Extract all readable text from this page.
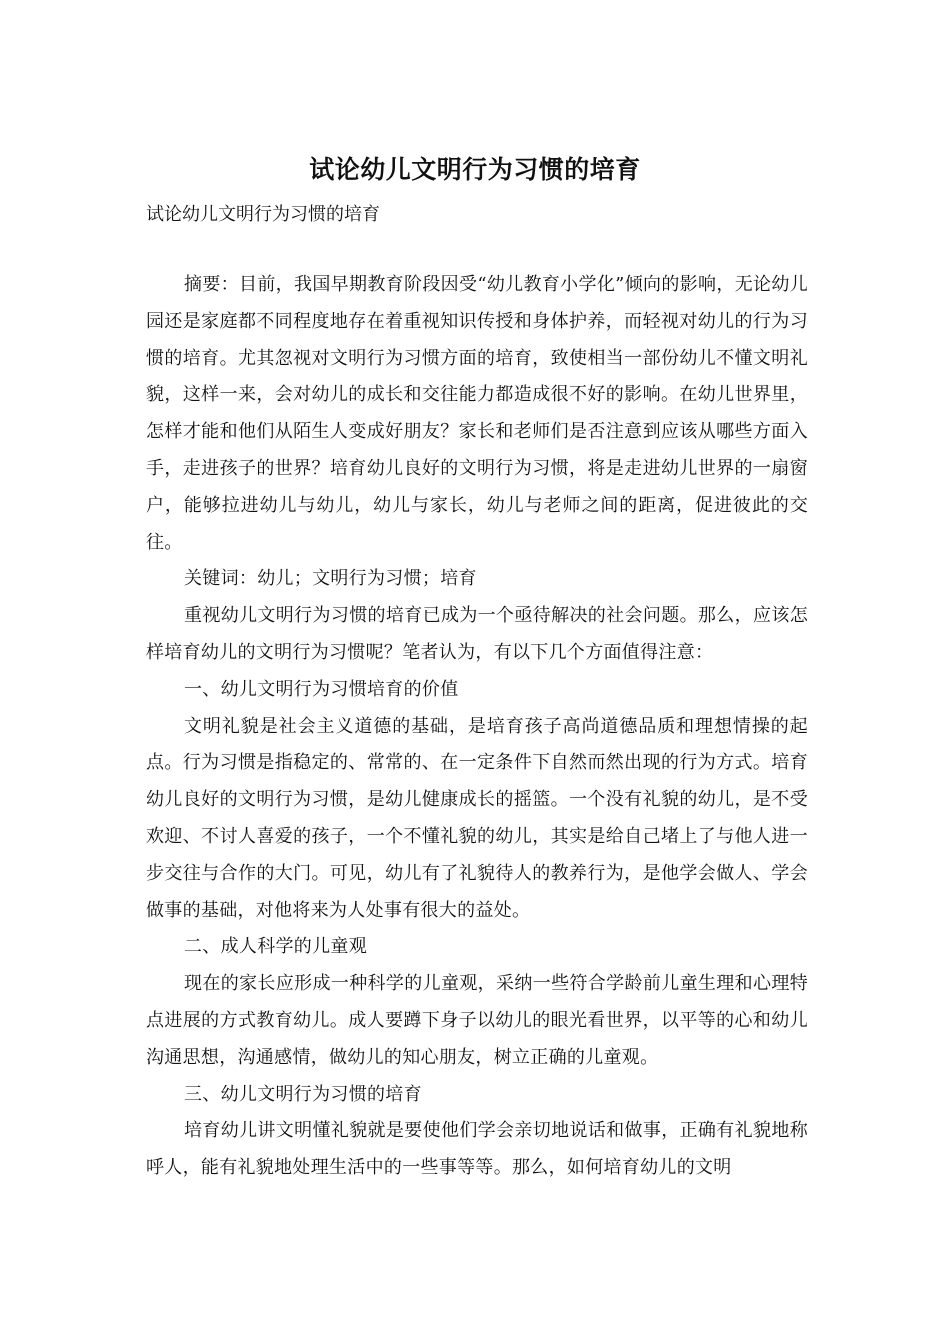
试论幼儿文明行为习惯的培育
试论幼儿文明行为习惯的培育

摘要：目前，我国早期教育阶段因受“幼儿教育小学化”倾向的影响，无论幼儿园还是家庭都不同程度地存在着重视知识传授和身体护养，而轻视对幼儿的行为习惯的培育。尤其忽视对文明行为习惯方面的培育，致使相当一部份幼儿不懂文明礼貌，这样一来，会对幼儿的成长和交往能力都造成很不好的影响。在幼儿世界里，怎样才能和他们从陌生人变成好朋友？家长和老师们是否注意到应该从哪些方面入手，走进孩子的世界？培育幼儿良好的文明行为习惯，将是走进幼儿世界的一扇窗户，能够拉进幼儿与幼儿，幼儿与家长，幼儿与老师之间的距离，促进彼此的交往。

关键词：幼儿；文明行为习惯；培育

重视幼儿文明行为习惯的培育已成为一个亟待解决的社会问题。那么，应该怎样培育幼儿的文明行为习惯呢？笔者认为，有以下几个方面值得注意：

一、幼儿文明行为习惯培育的价值

文明礼貌是社会主义道德的基础，是培育孩子高尚道德品质和理想情操的起点。行为习惯是指稳定的、常常的、在一定条件下自然而然出现的行为方式。培育幼儿良好的文明行为习惯，是幼儿健康成长的摇篮。一个没有礼貌的幼儿，是不受欢迎、不讨人喜爱的孩子，一个不懂礼貌的幼儿，其实是给自己堵上了与他人进一步交往与合作的大门。可见，幼儿有了礼貌待人的教养行为，是他学会做人、学会做事的基础，对他将来为人处事有很大的益处。

二、成人科学的儿童观

现在的家长应形成一种科学的儿童观，采纳一些符合学龄前儿童生理和心理特点进展的方式教育幼儿。成人要蹲下身子以幼儿的眼光看世界，以平等的心和幼儿沟通思想，沟通感情，做幼儿的知心朋友，树立正确的儿童观。

三、幼儿文明行为习惯的培育

培育幼儿讲文明懂礼貌就是要使他们学会亲切地说话和做事，正确有礼貌地称呼人，能有礼貌地处理生活中的一些事等等。那么，如何培育幼儿的文明
